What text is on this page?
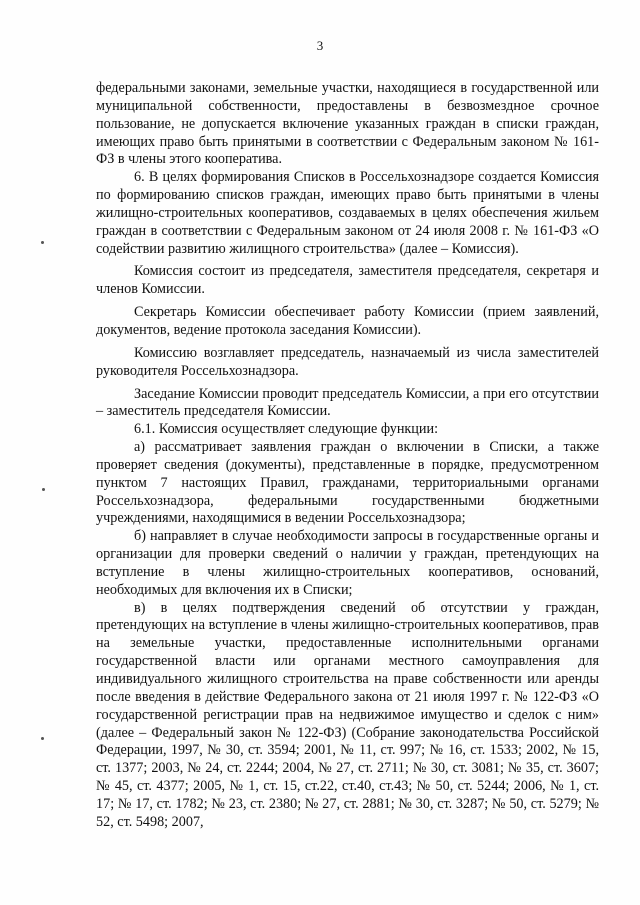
3

федеральными законами, земельные участки, находящиеся в государственной или муниципальной собственности, предоставлены в безвозмездное срочное пользование, не допускается включение указанных граждан в списки граждан, имеющих право быть принятыми в соответствии с Федеральным законом № 161-ФЗ в члены этого кооператива.

6. В целях формирования Списков в Россельхознадзоре создается Комиссия по формированию списков граждан, имеющих право быть принятыми в члены жилищно-строительных кооперативов, создаваемых в целях обеспечения жильем граждан в соответствии с Федеральным законом от 24 июля 2008 г. № 161-ФЗ «О содействии развитию жилищного строительства» (далее – Комиссия).

Комиссия состоит из председателя, заместителя председателя, секретаря и членов Комиссии.

Секретарь Комиссии обеспечивает работу Комиссии (прием заявлений, документов, ведение протокола заседания Комиссии).

Комиссию возглавляет председатель, назначаемый из числа заместителей руководителя Россельхознадзора.

Заседание Комиссии проводит председатель Комиссии, а при его отсутствии – заместитель председателя Комиссии.

6.1. Комиссия осуществляет следующие функции:

а) рассматривает заявления граждан о включении в Списки, а также проверяет сведения (документы), представленные в порядке, предусмотренном пунктом 7 настоящих Правил, гражданами, территориальными органами Россельхознадзора, федеральными государственными бюджетными учреждениями, находящимися в ведении Россельхознадзора;

б) направляет в случае необходимости запросы в государственные органы и организации для проверки сведений о наличии у граждан, претендующих на вступление в члены жилищно-строительных кооперативов, оснований, необходимых для включения их в Списки;

в) в целях подтверждения сведений об отсутствии у граждан, претендующих на вступление в члены жилищно-строительных кооперативов, прав на земельные участки, предоставленные исполнительными органами государственной власти или органами местного самоуправления для индивидуального жилищного строительства на праве собственности или аренды после введения в действие Федерального закона от 21 июля 1997 г. № 122-ФЗ «О государственной регистрации прав на недвижимое имущество и сделок с ним» (далее – Федеральный закон № 122-ФЗ) (Собрание законодательства Российской Федерации, 1997, № 30, ст. 3594; 2001, № 11, ст. 997; № 16, ст. 1533; 2002, № 15, ст. 1377; 2003, № 24, ст. 2244; 2004, № 27, ст. 2711; № 30, ст. 3081; № 35, ст. 3607; № 45, ст. 4377; 2005, № 1, ст. 15, ст.22, ст.40, ст.43; № 50, ст. 5244; 2006, № 1, ст. 17; № 17, ст. 1782; № 23, ст. 2380; № 27, ст. 2881; № 30, ст. 3287; № 50, ст. 5279; № 52, ст. 5498; 2007,
